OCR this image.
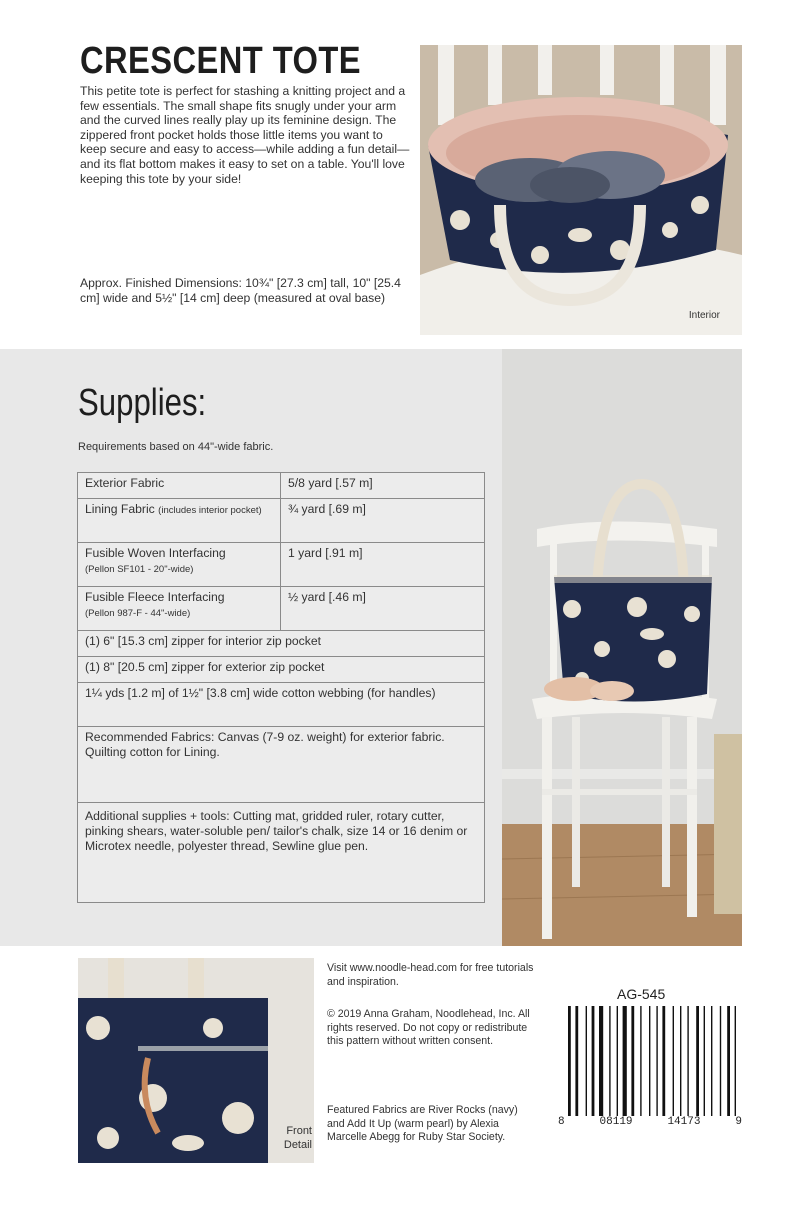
CRESCENT TOTE

This petite tote is perfect for stashing a knitting project and a few essentials. The small shape fits snugly under your arm and the curved lines really play up its feminine design. The zippered front pocket holds those little items you want to keep secure and easy to access—while adding a fun detail—and its flat bottom makes it easy to set on a table. You'll love keeping this tote by your side!

Approx. Finished Dimensions: 10¾" [27.3 cm] tall, 10" [25.4 cm] wide and 5½" [14 cm] deep (measured at oval base)

Interior
Supplies:

Requirements based on 44"-wide fabric.

Exterior Fabric	5/8 yard [.57 m]
Lining Fabric (includes interior pocket)	¾ yard [.69 m]
Fusible Woven Interfacing
(Pellon SF101 - 20"-wide)	1 yard [.91 m]
Fusible Fleece Interfacing
(Pellon 987-F - 44"-wide)	½ yard [.46 m]
(1) 6" [15.3 cm] zipper for interior zip pocket	
(1) 8" [20.5 cm] zipper for exterior zip pocket	
1¼ yds [1.2 m] of 1½" [3.8 cm] wide cotton webbing (for handles)	
Recommended Fabrics: Canvas (7-9 oz. weight) for exterior fabric. Quilting cotton for Lining.	
Additional supplies + tools: Cutting mat, gridded ruler, rotary cutter, pinking shears, water-soluble pen/ tailor's chalk, size 14 or 16 denim or Microtex needle, polyester thread, Sewline glue pen.	

Front
Detail

Visit www.noodle-head.com for free tutorials and inspiration.

© 2019 Anna Graham, Noodlehead, Inc. All rights reserved. Do not copy or redistribute this pattern without written consent.

Featured Fabrics are River Rocks (navy) and Add It Up (warm pearl) by Alexia Marcelle Abegg for Ruby Star Society.

AG-545

8	08119	14173	9
